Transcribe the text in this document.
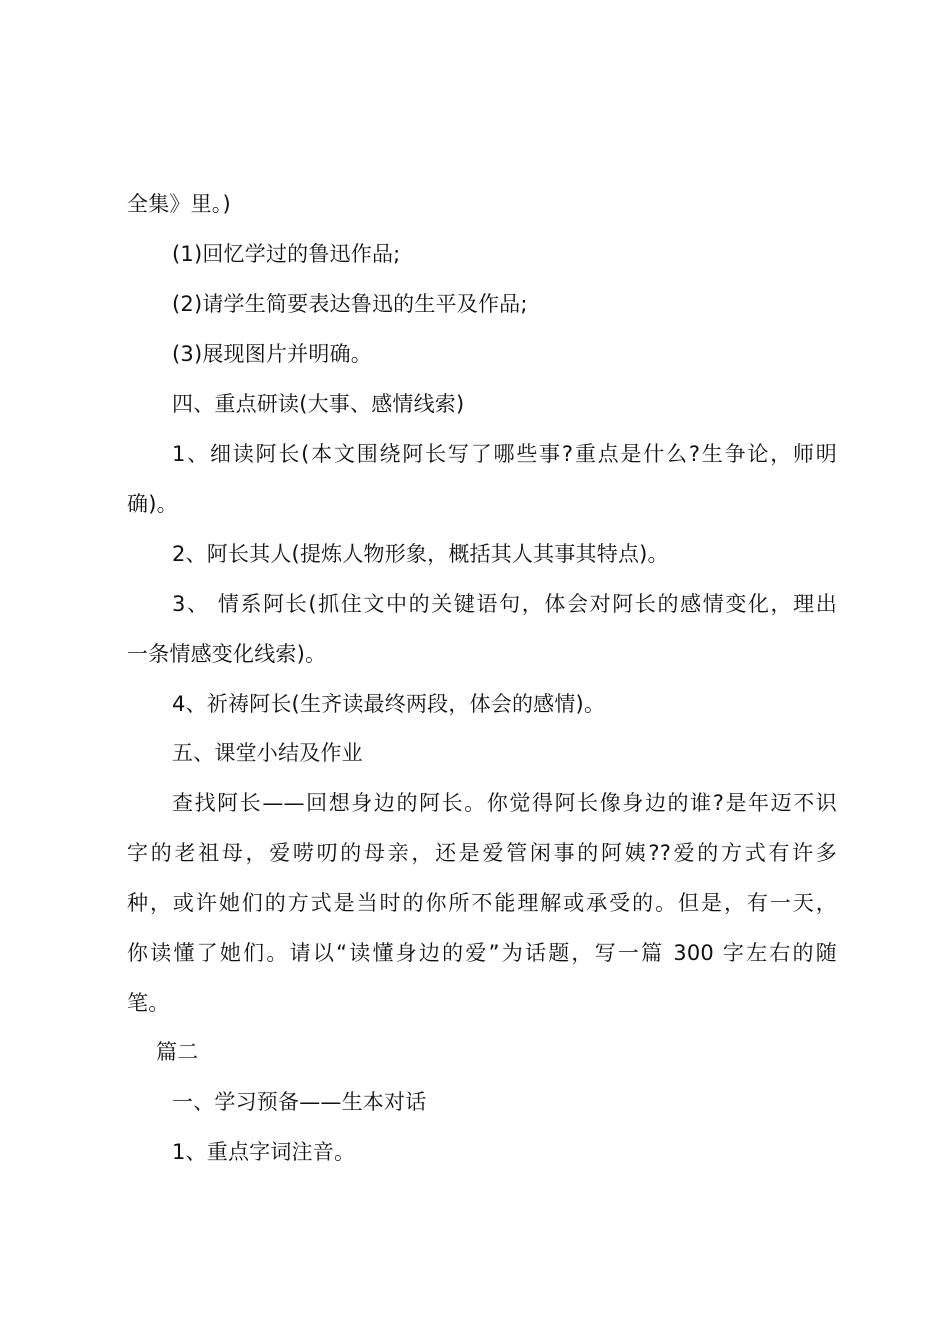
全集》里。)
(1)回忆学过的鲁迅作品;
(2)请学生简要表达鲁迅的生平及作品;
(3)展现图片并明确。
四、重点研读(大事、感情线索)
1、细读阿长(本文围绕阿长写了哪些事?重点是什么?生争论，师明
确)。
2、阿长其人(提炼人物形象，概括其人其事其特点)。
3、 情系阿长(抓住文中的关键语句，体会对阿长的感情变化，理出
一条情感变化线索)。
4、祈祷阿长(生齐读最终两段，体会的感情)。
五、课堂小结及作业
查找阿长——回想身边的阿长。你觉得阿长像身边的谁?是年迈不识
字的老祖母，爱唠叨的母亲，还是爱管闲事的阿姨??爱的方式有许多
种，或许她们的方式是当时的你所不能理解或承受的。但是，有一天，
你读懂了她们。请以“读懂身边的爱”为话题，写一篇 300 字左右的随
笔。
篇二
一、学习预备——生本对话
1、重点字词注音。
